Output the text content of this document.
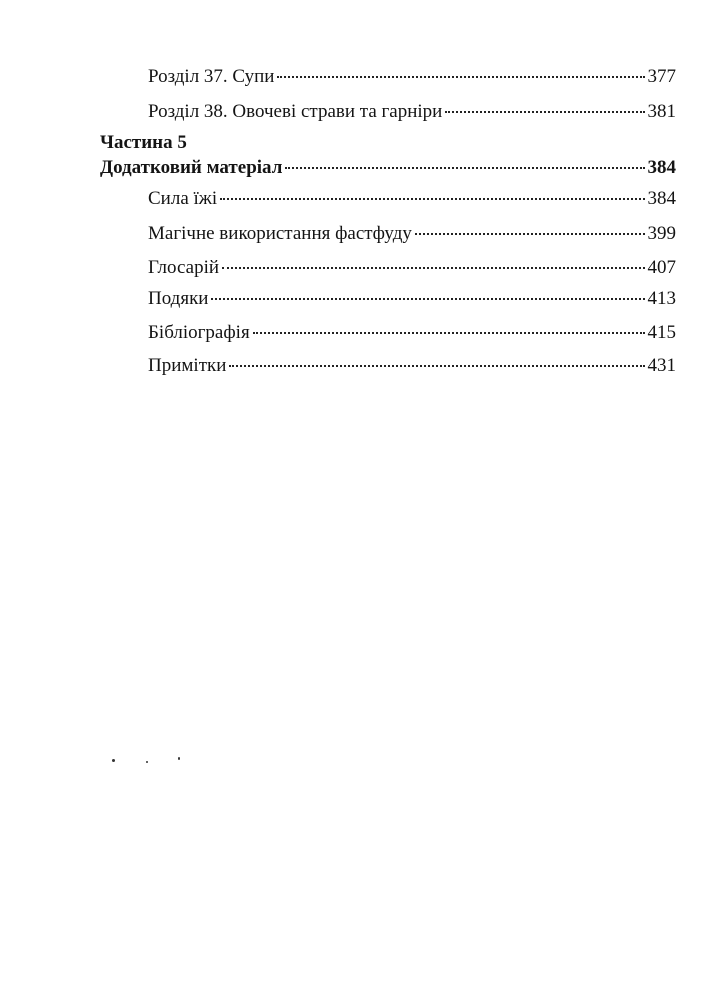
Розділ 37. Супи	377
Розділ 38. Овочеві страви та гарніри	381
Частина 5
Додатковий матеріал	384
Сила їжі	384
Магічне використання фастфуду	399
Глосарій	407
Подяки	413
Бібліографія	415
Примітки	431
